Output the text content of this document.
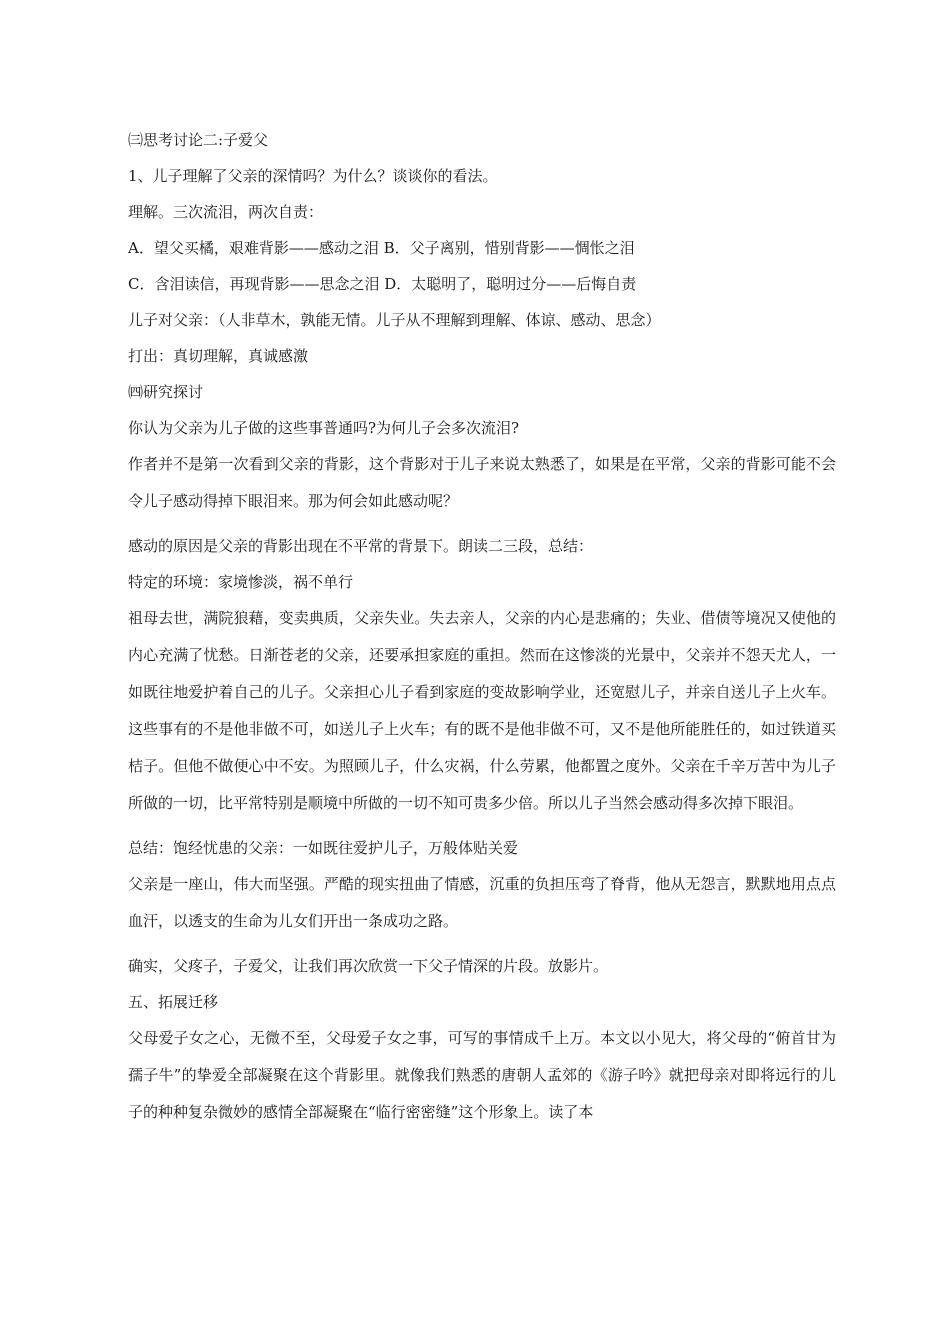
㈢思考讨论二:子爱父

1、儿子理解了父亲的深情吗？为什么？谈谈你的看法。

理解。三次流泪，两次自责：

A．望父买橘，艰难背影——感动之泪 B．父子离别，惜别背影——惆怅之泪

C．含泪读信，再现背影——思念之泪 D．太聪明了，聪明过分——后悔自责

儿子对父亲：（人非草木，孰能无情。儿子从不理解到理解、体谅、感动、思念）

打出：真切理解，真诚感激

㈣研究探讨

你认为父亲为儿子做的这些事普通吗?为何儿子会多次流泪?

作者并不是第一次看到父亲的背影，这个背影对于儿子来说太熟悉了，如果是在平常，父亲的背影可能不会令儿子感动得掉下眼泪来。那为何会如此感动呢？

感动的原因是父亲的背影出现在不平常的背景下。朗读二三段，总结：

特定的环境：家境惨淡，祸不单行

祖母去世，满院狼藉，变卖典质，父亲失业。失去亲人，父亲的内心是悲痛的；失业、借债等境况又使他的内心充满了忧愁。日渐苍老的父亲，还要承担家庭的重担。然而在这惨淡的光景中，父亲并不怨天尤人，一如既往地爱护着自己的儿子。父亲担心儿子看到家庭的变故影响学业，还宽慰儿子，并亲自送儿子上火车。这些事有的不是他非做不可，如送儿子上火车；有的既不是他非做不可，又不是他所能胜任的，如过铁道买桔子。但他不做便心中不安。为照顾儿子，什么灾祸，什么劳累，他都置之度外。父亲在千辛万苦中为儿子所做的一切，比平常特别是顺境中所做的一切不知可贵多少倍。所以儿子当然会感动得多次掉下眼泪。

总结：饱经忧患的父亲：一如既往爱护儿子，万般体贴关爱

父亲是一座山，伟大而坚强。严酷的现实扭曲了情感，沉重的负担压弯了脊背，他从无怨言，默默地用点点血汗，以透支的生命为儿女们开出一条成功之路。

确实，父疼子，子爱父，让我们再次欣赏一下父子情深的片段。放影片。

五、拓展迁移

父母爱子女之心，无微不至，父母爱子女之事，可写的事情成千上万。本文以小见大，将父母的“俯首甘为孺子牛”的挚爱全部凝聚在这个背影里。就像我们熟悉的唐朝人孟郊的《游子吟》就把母亲对即将远行的儿子的种种复杂微妙的感情全部凝聚在“临行密密缝”这个形象上。读了本
